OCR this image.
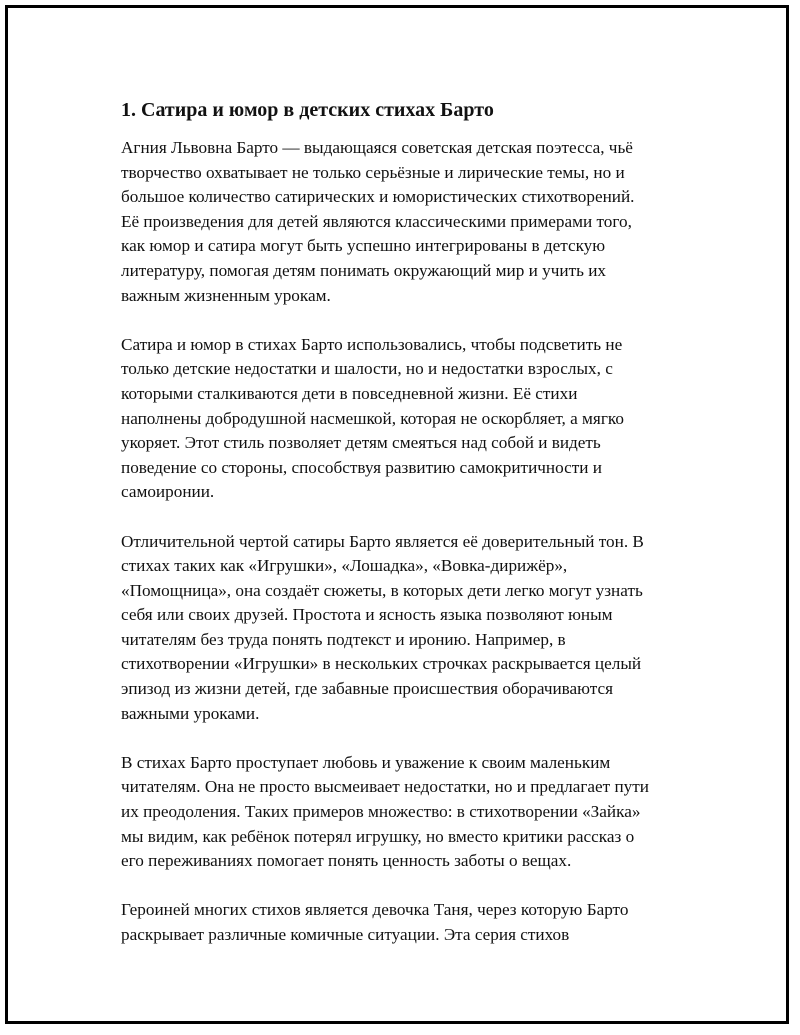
1. Сатира и юмор в детских стихах Барто

Агния Львовна Барто — выдающаяся советская детская поэтесса, чьё
творчество охватывает не только серьёзные и лирические темы, но и
большое количество сатирических и юмористических стихотворений.
Её произведения для детей являются классическими примерами того,
как юмор и сатира могут быть успешно интегрированы в детскую
литературу, помогая детям понимать окружающий мир и учить их
важным жизненным урокам.

Сатира и юмор в стихах Барто использовались, чтобы подсветить не
только детские недостатки и шалости, но и недостатки взрослых, с
которыми сталкиваются дети в повседневной жизни. Её стихи
наполнены добродушной насмешкой, которая не оскорбляет, а мягко
укоряет. Этот стиль позволяет детям смеяться над собой и видеть
поведение со стороны, способствуя развитию самокритичности и
самоиронии.

Отличительной чертой сатиры Барто является её доверительный тон. В
стихах таких как «Игрушки», «Лошадка», «Вовка-дирижёр»,
«Помощница», она создаёт сюжеты, в которых дети легко могут узнать
себя или своих друзей. Простота и ясность языка позволяют юным
читателям без труда понять подтекст и иронию. Например, в
стихотворении «Игрушки» в нескольких строчках раскрывается целый
эпизод из жизни детей, где забавные происшествия оборачиваются
важными уроками.

В стихах Барто проступает любовь и уважение к своим маленьким
читателям. Она не просто высмеивает недостатки, но и предлагает пути
их преодоления. Таких примеров множество: в стихотворении «Зайка»
мы видим, как ребёнок потерял игрушку, но вместо критики рассказ о
его переживаниях помогает понять ценность заботы о вещах.

Героиней многих стихов является девочка Таня, через которую Барто
раскрывает различные комичные ситуации. Эта серия стихов
